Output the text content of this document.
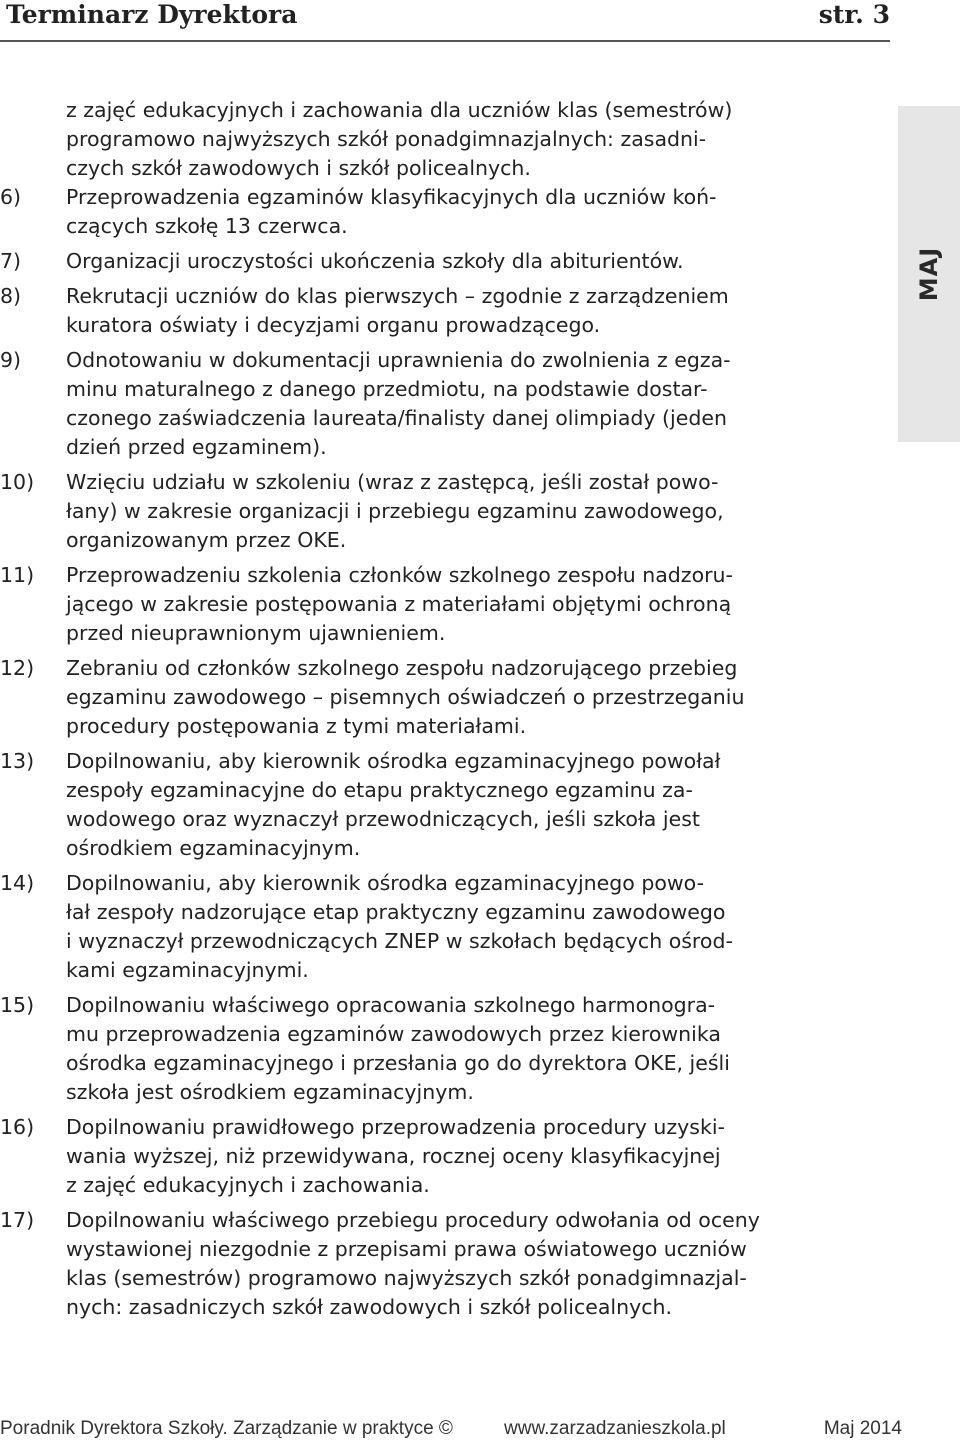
Terminarz Dyrektora	str. 3
MAJ

z zajęć edukacyjnych i zachowania dla uczniów klas (semestrów)
programowo najwyższych szkół ponadgimnazjalnych: zasadni-
czych szkół zawodowych i szkół policealnych.

6)	Przeprowadzenia egzaminów klasyfikacyjnych dla uczniów koń-
czących szkołę 13 czerwca.
7)	Organizacji uroczystości ukończenia szkoły dla abiturientów.
8)	Rekrutacji uczniów do klas pierwszych – zgodnie z zarządzeniem
kuratora oświaty i decyzjami organu prowadzącego.
9)	Odnotowaniu w dokumentacji uprawnienia do zwolnienia z egza-
minu maturalnego z danego przedmiotu, na podstawie dostar-
czonego zaświadczenia laureata/finalisty danej olimpiady (jeden
dzień przed egzaminem).
10)	Wzięciu udziału w szkoleniu (wraz z zastępcą, jeśli został powo-
łany) w zakresie organizacji i przebiegu egzaminu zawodowego,
organizowanym przez OKE.
11)	Przeprowadzeniu szkolenia członków szkolnego zespołu nadzoru-
jącego w zakresie postępowania z materiałami objętymi ochroną
przed nieuprawnionym ujawnieniem.
12)	Zebraniu od członków szkolnego zespołu nadzorującego przebieg
egzaminu zawodowego – pisemnych oświadczeń o przestrzeganiu
procedury postępowania z tymi materiałami.
13)	Dopilnowaniu, aby kierownik ośrodka egzaminacyjnego powołał
zespoły egzaminacyjne do etapu praktycznego egzaminu za-
wodowego oraz wyznaczył przewodniczących, jeśli szkoła jest
ośrodkiem egzaminacyjnym.
14)	Dopilnowaniu, aby kierownik ośrodka egzaminacyjnego powo-
łał zespoły nadzorujące etap praktyczny egzaminu zawodowego
i wyznaczył przewodniczących ZNEP w szkołach będących ośrod-
kami egzaminacyjnymi.
15)	Dopilnowaniu właściwego opracowania szkolnego harmonogra-
mu przeprowadzenia egzaminów zawodowych przez kierownika
ośrodka egzaminacyjnego i przesłania go do dyrektora OKE, jeśli
szkoła jest ośrodkiem egzaminacyjnym.
16)	Dopilnowaniu prawidłowego przeprowadzenia procedury uzyski-
wania wyższej, niż przewidywana, rocznej oceny klasyfikacyjnej
z zajęć edukacyjnych i zachowania.
17)	Dopilnowaniu właściwego przebiegu procedury odwołania od oceny
wystawionej niezgodnie z przepisami prawa oświatowego uczniów
klas (semestrów) programowo najwyższych szkół ponadgimnazjal-
nych: zasadniczych szkół zawodowych i szkół policealnych.
Poradnik Dyrektora Szkoły. Zarządzanie w praktyce ©	www.zarzadzanieszkola.pl	Maj 2014
